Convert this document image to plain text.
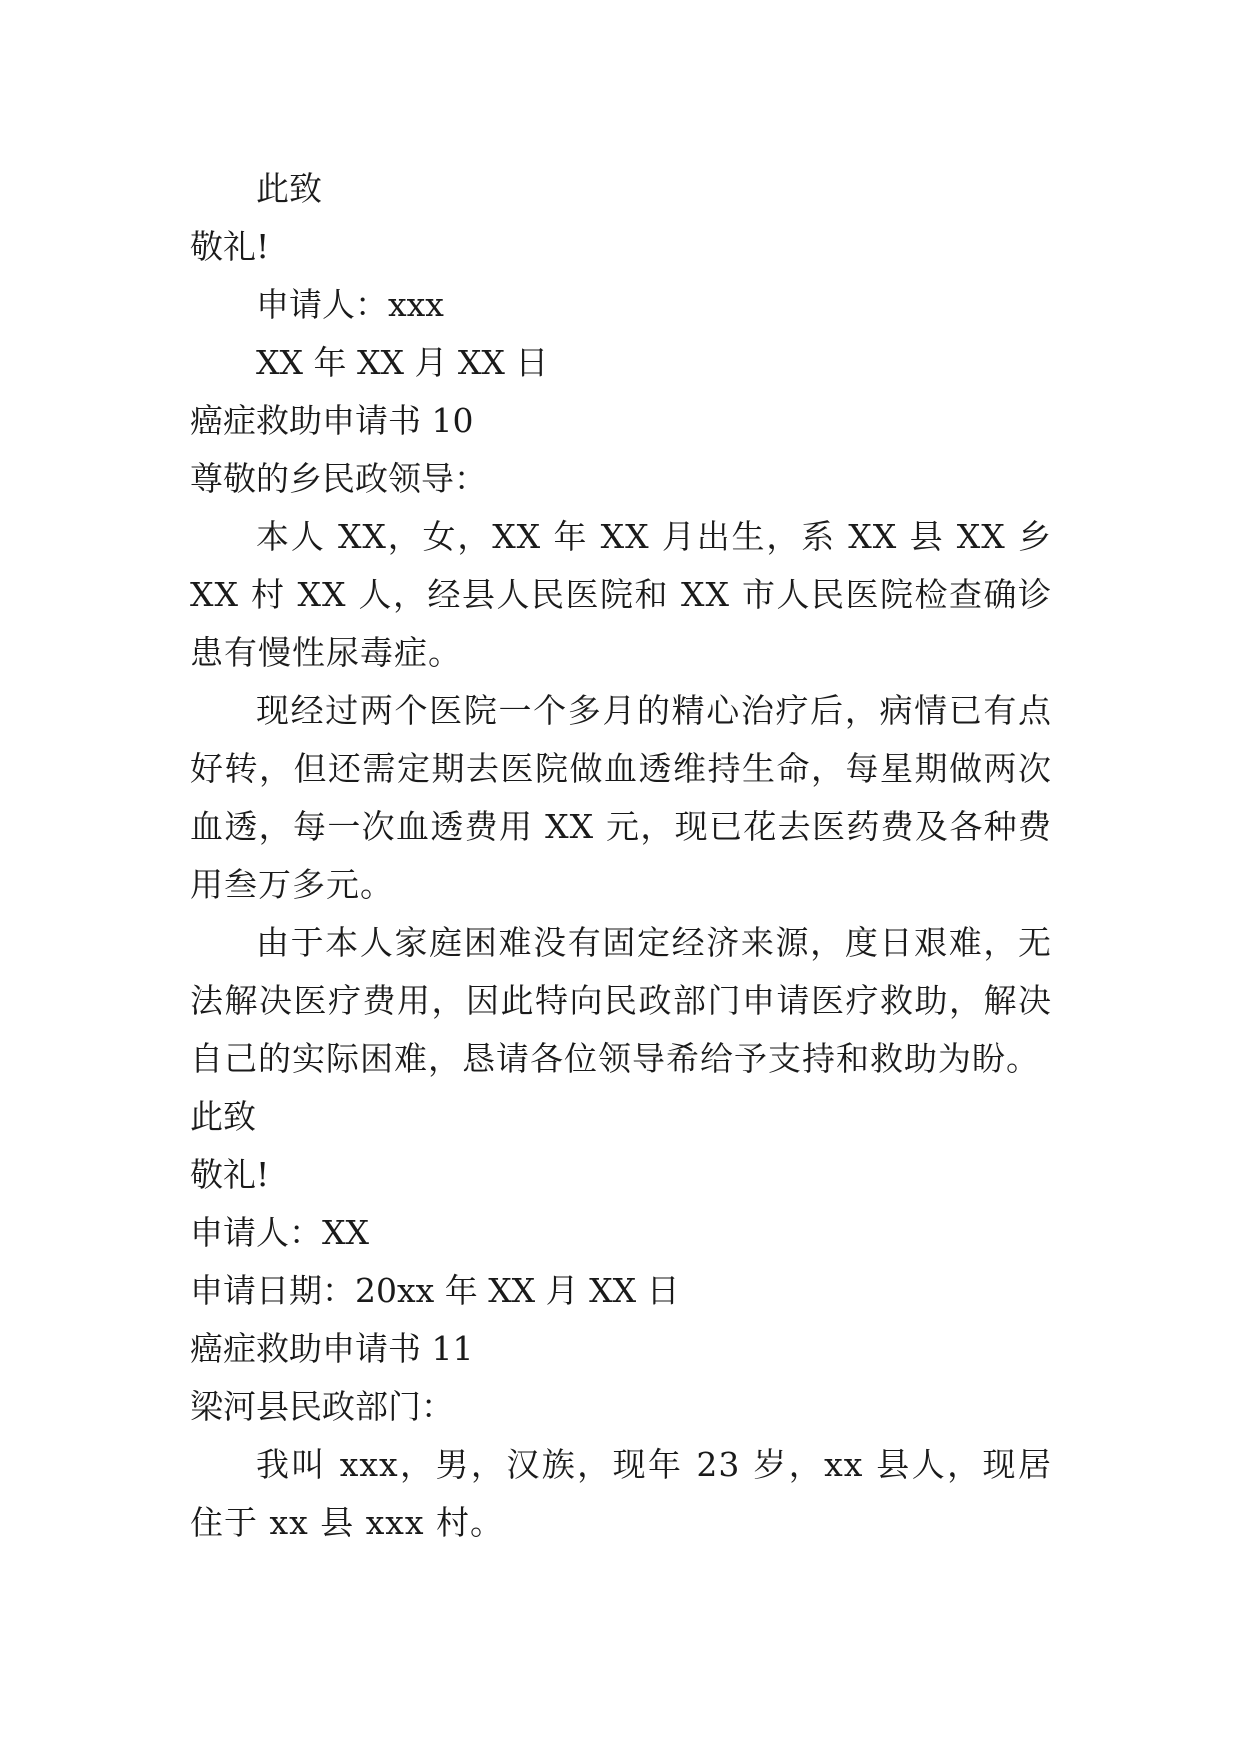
此致
敬礼!
申请人：xxx
XX 年 XX 月 XX 日
癌症救助申请书 10
尊敬的乡民政领导：
本人 XX，女，XX 年 XX 月出生，系 XX 县 XX 乡 XX 村 XX 人，经县人民医院和 XX 市人民医院检查确诊患有慢性尿毒症。
现经过两个医院一个多月的精心治疗后，病情已有点好转，但还需定期去医院做血透维持生命，每星期做两次血透，每一次血透费用 XX 元，现已花去医药费及各种费用叁万多元。
由于本人家庭困难没有固定经济来源，度日艰难，无法解决医疗费用，因此特向民政部门申请医疗救助，解决自己的实际困难，恳请各位领导希给予支持和救助为盼。
此致
敬礼!
申请人：XX
申请日期：20xx 年 XX 月 XX 日
癌症救助申请书 11
梁河县民政部门：
我叫 xxx，男，汉族，现年 23 岁，xx 县人，现居住于 xx 县 xxx 村。
